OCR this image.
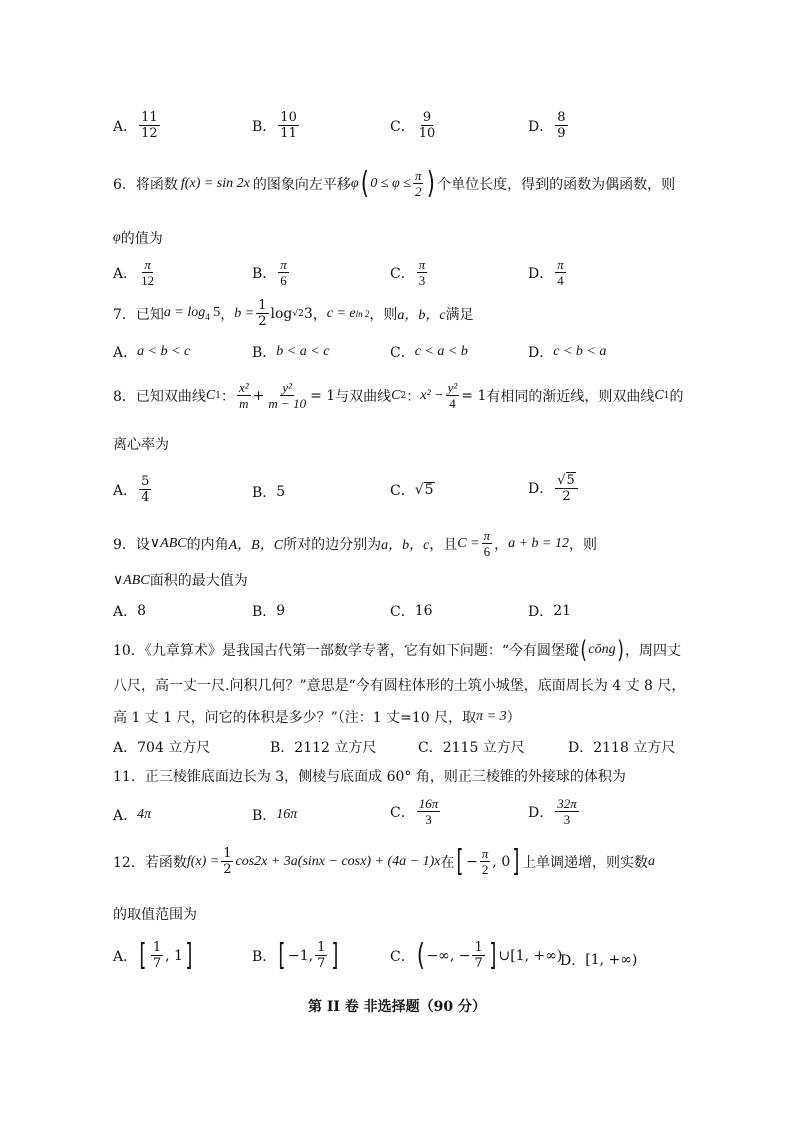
A． $\frac{11}{12}$	B． $\frac{10}{11}$	C． $\frac{9}{10}$	D． $\frac{8}{9}$
6． 将函数 f(x) = sin 2x 的图象向左平移 φ ( $0 \le \varphi \le \frac{\pi}{2}$ ) 个单位长度，得到的函数为偶函数，则
φ 的值为
A． $\frac{\pi}{12}$	B． $\frac{\pi}{6}$	C． $\frac{\pi}{3}$	D． $\frac{\pi}{4}$
7． 已知 $a = \log_4 5$ ， $b = \frac{1}{2}$ log √2 3 ， c = e ln 2 ，则 a，b，c 满足
A． a < b < c	B． b < a < c	C． c < a < b	D． c < b < a
8． 已知双曲线 C 1 ： $\frac{\text{x²}}{m} + \frac{\text{y²}}{m - 10} = 1$ 与双曲线 C 2 ： $x^2 - \frac{\text{y²}}{4} = 1$ 有相同的渐近线，则双曲线 C 1 的
离心率为
A． $\frac{5}{4}$	B． 5	C． √ 5	D． $\frac{√ 5}{2}$
9． 设 ∨ABC 的内角 A，B，C 所对的边分别为 a，b，c ，且 $C = \frac{\pi}{6}$ ， a + b = 12 ，则
∨ABC 面积的最大值为
A． 8	B． 9	C． 16	D． 21
10．《九章算术》是我国古代第一部数学专著，它有如下问题：“今有圆堡瑽 ( cōng ) ，周四丈
八尺，高一丈一尺.问积几何？”意思是“今有圆柱体形的土筑小城堡，底面周长为 4 丈 8 尺，
高 1 丈 1 尺，问它的体积是多少？”（注：1 丈=10 尺，取 π = 3 ）
A． 704 立方尺	B． 2112 立方尺	C． 2115 立方尺	D． 2118 立方尺
11．正三棱锥底面边长为 3，侧棱与底面成 60° 角，则正三棱锥的外接球的体积为
A． 4π	B． 16π	C． $\frac{16\pi}{3}$	D． $\frac{32\pi}{3}$
12． 若函数 $f(x) = \frac{1}{2} \cos 2x + 3a(\sin x - \cos x) + (4a - 1)x$ 在 [ − $\frac{\pi}{2}$ , 0 ] 上单调递增，则实数 a
的取值范围为
A． [ $\frac{1}{7}$ , 1 ]	B． [ −1, $\frac{1}{7}$ ]	C． ( −∞, − $\frac{1}{7}$ ] ∪[1, +∞)
D． [1, +∞)
第 II 卷 非选择题（90 分）
